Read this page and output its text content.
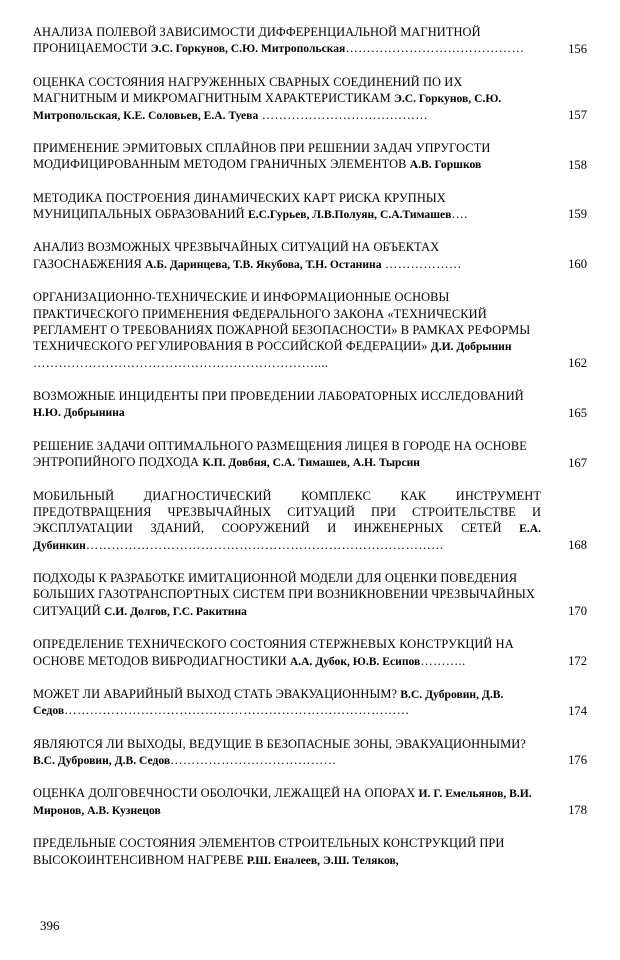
АНАЛИЗА ПОЛЕВОЙ ЗАВИСИМОСТИ ДИФФЕРЕНЦИАЛЬНОЙ МАГНИТНОЙ ПРОНИЦАЕМОСТИ Э.С. Горкунов, С.Ю. Митропольская……………………………………	156
ОЦЕНКА СОСТОЯНИЯ НАГРУЖЕННЫХ СВАРНЫХ СОЕДИНЕНИЙ ПО ИХ МАГНИТНЫМ И МИКРОМАГНИТНЫМ ХАРАКТЕРИСТИКАМ Э.С. Горкунов, С.Ю. Митропольская, К.Е. Соловьев, Е.А. Туева …………………………………	157
ПРИМЕНЕНИЕ ЭРМИТОВЫХ СПЛАЙНОВ ПРИ РЕШЕНИИ ЗАДАЧ УПРУГОСТИ МОДИФИЦИРОВАННЫМ МЕТОДОМ ГРАНИЧНЫХ ЭЛЕМЕНТОВ А.В. Горшков	158
МЕТОДИКА ПОСТРОЕНИЯ ДИНАМИЧЕСКИХ КАРТ РИСКА КРУПНЫХ МУНИЦИПАЛЬНЫХ ОБРАЗОВАНИЙ Е.С.Гурьев, Л.В.Полуян, С.А.Тимашев….	159
АНАЛИЗ ВОЗМОЖНЫХ ЧРЕЗВЫЧАЙНЫХ СИТУАЦИЙ НА ОБЪЕКТАХ ГАЗОСНАБЖЕНИЯ А.Б. Даринцева, Т.В. Якубова, Т.Н. Останина ………………	160
ОРГАНИЗАЦИОННО-ТЕХНИЧЕСКИЕ И ИНФОРМАЦИОННЫЕ ОСНОВЫ ПРАКТИЧЕСКОГО ПРИМЕНЕНИЯ ФЕДЕРАЛЬНОГО ЗАКОНА «ТЕХНИЧЕСКИЙ РЕГЛАМЕНТ О ТРЕБОВАНИЯХ ПОЖАРНОЙ БЕЗОПАСНОСТИ» В РАМКАХ РЕФОРМЫ ТЕХНИЧЕСКОГО РЕГУЛИРОВАНИЯ В РОССИЙСКОЙ ФЕДЕРАЦИИ» Д.И. Добрынин …………………………………………………………....	162
ВОЗМОЖНЫЕ ИНЦИДЕНТЫ ПРИ ПРОВЕДЕНИИ ЛАБОРАТОРНЫХ ИССЛЕДОВАНИЙ Н.Ю. Добрынина	165
РЕШЕНИЕ ЗАДАЧИ ОПТИМАЛЬНОГО РАЗМЕЩЕНИЯ ЛИЦЕЯ В ГОРОДЕ НА ОСНОВЕ ЭНТРОПИЙНОГО ПОДХОДА К.П. Довбня, С.А. Тимашев, А.Н. Тырсин	167
МОБИЛЬНЫЙ ДИАГНОСТИЧЕСКИЙ КОМПЛЕКС КАК ИНСТРУМЕНТ ПРЕДОТВРАЩЕНИЯ ЧРЕЗВЫЧАЙНЫХ СИТУАЦИЙ ПРИ СТРОИТЕЛЬСТВЕ И ЭКСПЛУАТАЦИИ ЗДАНИЙ, СООРУЖЕНИЙ И ИНЖЕНЕРНЫХ СЕТЕЙ Е.А. Дубинкин…………………………………………………………………………	168
ПОДХОДЫ К РАЗРАБОТКЕ ИМИТАЦИОННОЙ МОДЕЛИ ДЛЯ ОЦЕНКИ ПОВЕДЕНИЯ БОЛЬШИХ ГАЗОТРАНСПОРТНЫХ СИСТЕМ ПРИ ВОЗНИКНОВЕНИИ ЧРЕЗВЫЧАЙНЫХ СИТУАЦИЙ С.И. Долгов, Г.С. Ракитина	170
ОПРЕДЕЛЕНИЕ ТЕХНИЧЕСКОГО СОСТОЯНИЯ СТЕРЖНЕВЫХ КОНСТРУКЦИЙ НА ОСНОВЕ МЕТОДОВ ВИБРОДИАГНОСТИКИ А.А. Дубок, Ю.В. Есипов………..	172
МОЖЕТ ЛИ АВАРИЙНЫЙ ВЫХОД СТАТЬ ЭВАКУАЦИОННЫМ? В.С. Дубровин, Д.В. Седов………………………………………………………………………	174
ЯВЛЯЮТСЯ ЛИ ВЫХОДЫ, ВЕДУЩИЕ В БЕЗОПАСНЫЕ ЗОНЫ, ЭВАКУАЦИОННЫМИ? В.С. Дубровин, Д.В. Седов…………………………………	176
ОЦЕНКА ДОЛГОВЕЧНОСТИ ОБОЛОЧКИ, ЛЕЖАЩЕЙ НА ОПОРАХ И. Г. Емельянов, В.И. Миронов, А.В. Кузнецов	178
ПРЕДЕЛЬНЫЕ СОСТОЯНИЯ ЭЛЕМЕНТОВ СТРОИТЕЛЬНЫХ КОНСТРУКЦИЙ ПРИ ВЫСОКОИНТЕНСИВНОМ НАГРЕВЕ Р.Ш. Еналеев, Э.Ш. Теляков,
396
